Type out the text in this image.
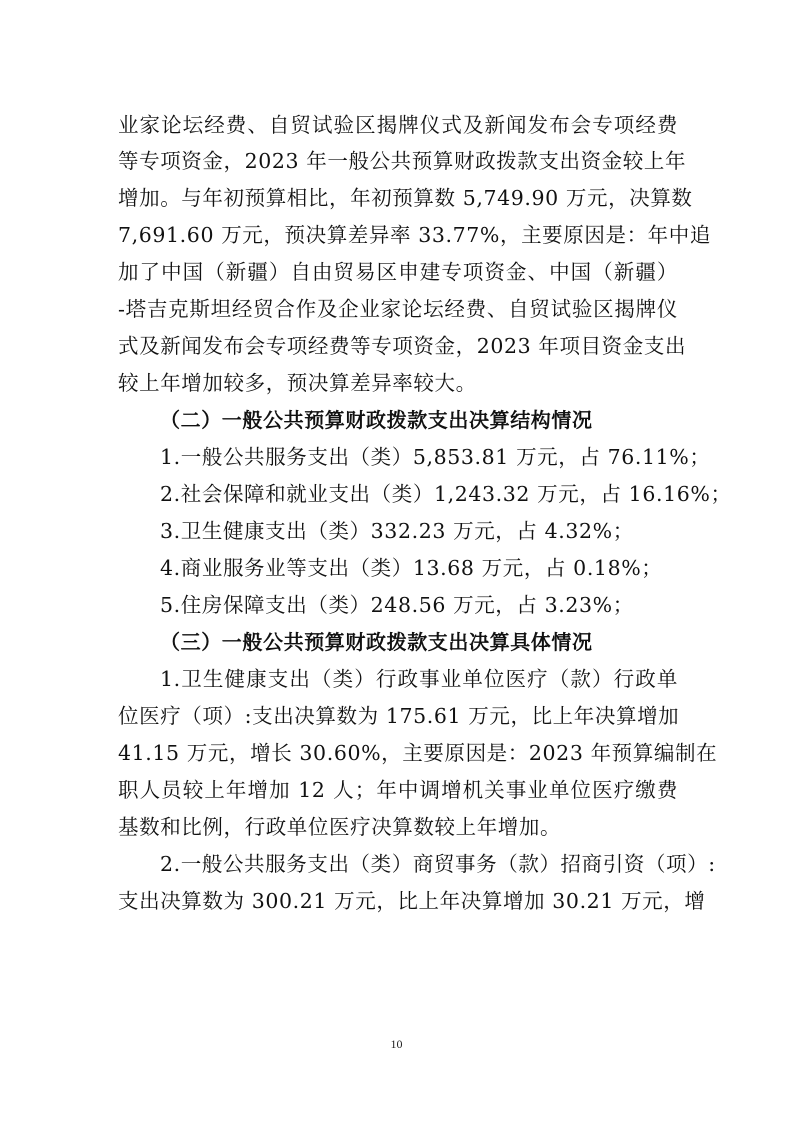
业家论坛经费、自贸试验区揭牌仪式及新闻发布会专项经费
等专项资金，2023 年一般公共预算财政拨款支出资金较上年
增加。与年初预算相比，年初预算数 5,749.90 万元，决算数
7,691.60 万元，预决算差异率 33.77%，主要原因是：年中追
加了中国（新疆）自由贸易区申建专项资金、中国（新疆）
-塔吉克斯坦经贸合作及企业家论坛经费、自贸试验区揭牌仪
式及新闻发布会专项经费等专项资金，2023 年项目资金支出
较上年增加较多，预决算差异率较大。
（二）一般公共预算财政拨款支出决算结构情况
1.一般公共服务支出（类）5,853.81 万元，占 76.11%；
2.社会保障和就业支出（类）1,243.32 万元，占 16.16%；
3.卫生健康支出（类）332.23 万元，占 4.32%；
4.商业服务业等支出（类）13.68 万元，占 0.18%；
5.住房保障支出（类）248.56 万元，占 3.23%；
（三）一般公共预算财政拨款支出决算具体情况
1.卫生健康支出（类）行政事业单位医疗（款）行政单
位医疗（项）:支出决算数为 175.61 万元，比上年决算增加
41.15 万元，增长 30.60%，主要原因是：2023 年预算编制在
职人员较上年增加 12 人；年中调增机关事业单位医疗缴费
基数和比例，行政单位医疗决算数较上年增加。
2.一般公共服务支出（类）商贸事务（款）招商引资（项）:
支出决算数为 300.21 万元，比上年决算增加 30.21 万元，增
10
